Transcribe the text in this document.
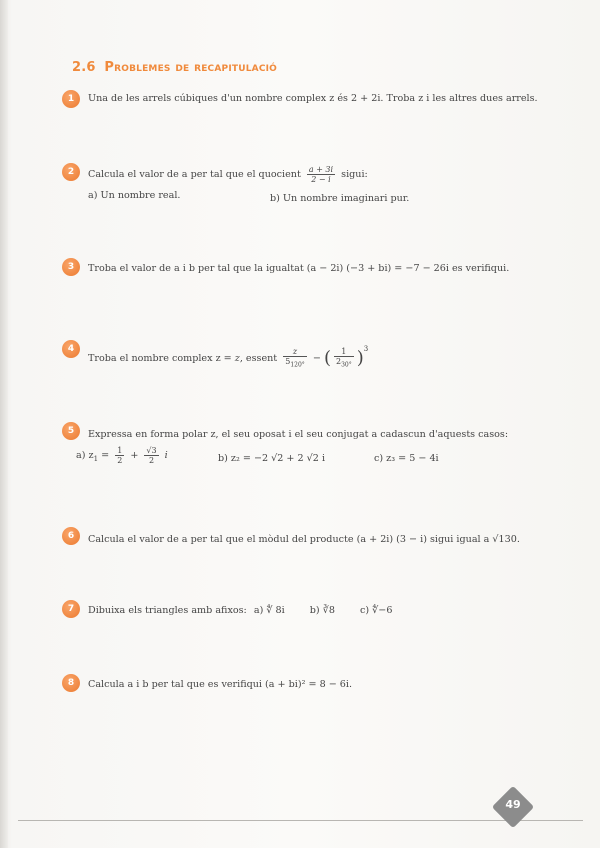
2.6 Problemes de recapitulació
1	Una de les arrels cúbiques d'un nombre complex z és 2 + 2i. Troba z i les altres dues arrels.
2	Calcula el valor de a per tal que el quocient $\frac{a + 3i}{2 - i}$ sigui:
a) Un nombre real.	b) Un nombre imaginari pur.
3	Troba el valor de a i b per tal que la igualtat (a − 2i) (−3 + bi) = −7 − 26i es verifiqui.
4
Troba el nombre complex z = z, essent $\frac{z}{5_{120^\circ}}$ − ( $\frac{1}{2_{30^\circ}} )^3$
5	Expressa en forma polar z, el seu oposat i el seu conjugat a cadascun d'aquests casos:
a) $z_1 = \frac{1}{2} + \frac{√3}{2}$ i	b) z₂ = −2 √2 + 2 √2 i	c) z₃ = 5 − 4i
6	Calcula el valor de a per tal que el mòdul del producte (a + 2i) (3 − i) sigui igual a √130.
7	Dibuixa els triangles amb afixos: a) ∜ 8i	b) ∛8	c) ∜−6
8	Calcula a i b per tal que es verifiqui (a + bi)² = 8 − 6i.
49
